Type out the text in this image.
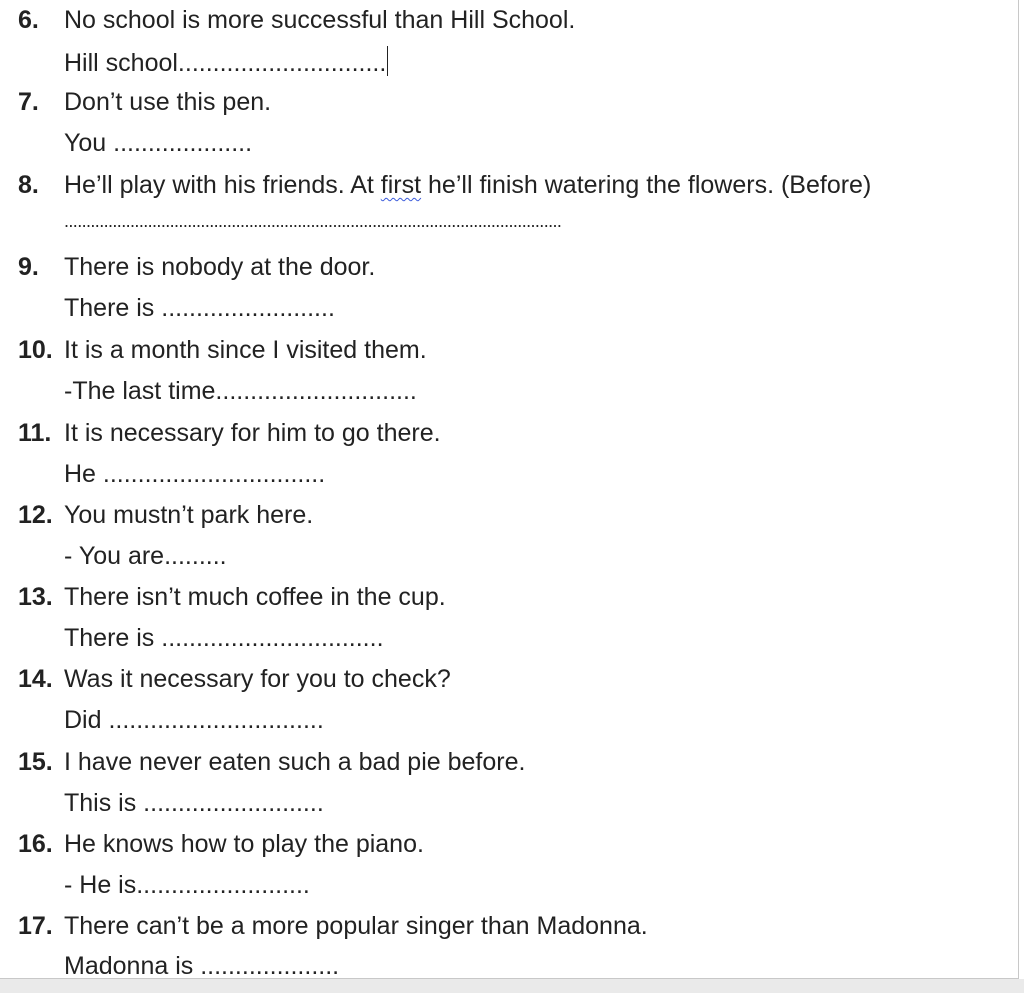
6. No school is more successful than Hill School.
Hill school..............................
7. Don’t use this pen.
You ....................
8. He’ll play with his friends. At first he’ll finish watering the flowers. (Before)
.................................................................................................................
9. There is nobody at the door.
There is .........................
10. It is a month since I visited them.
-The last time.............................
11. It is necessary for him to go there.
He ................................
12. You mustn’t park here.
- You are.........
13. There isn’t much coffee in the cup.
There is ................................
14. Was it necessary for you to check?
Did ...............................
15. I have never eaten such a bad pie before.
This is ..........................
16. He knows how to play the piano.
- He is.........................
17. There can’t be a more popular singer than Madonna.
Madonna is ....................
